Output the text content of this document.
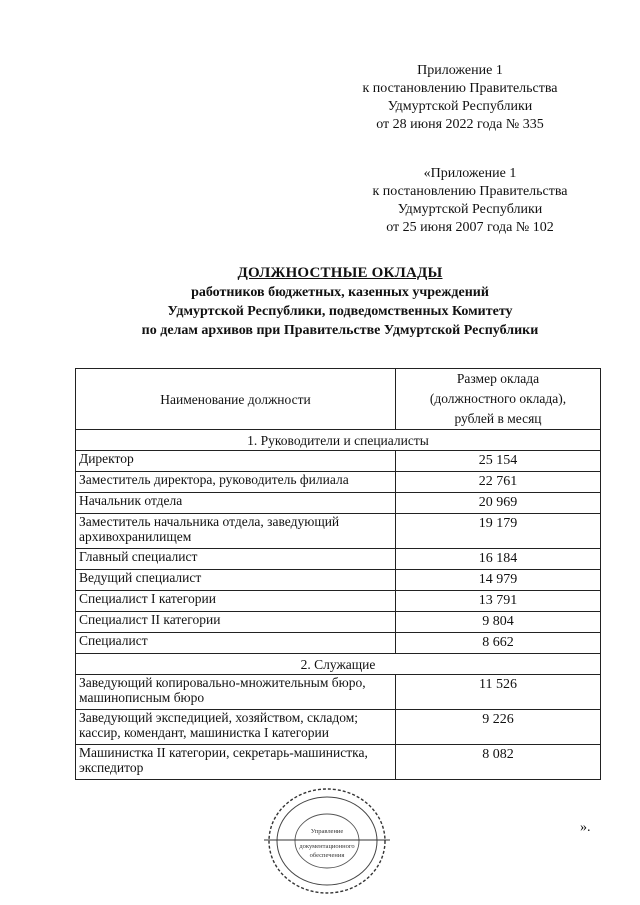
Приложение 1
к постановлению Правительства
Удмуртской Республики
от 28 июня 2022 года № 335
«Приложение 1
к постановлению Правительства
Удмуртской Республики
от 25 июня 2007 года № 102
ДОЛЖНОСТНЫЕ ОКЛАДЫ
работников бюджетных, казенных учреждений
Удмуртской Республики, подведомственных Комитету
по делам архивов при Правительстве Удмуртской Республики
Наименование должности	Размер оклада
(должностного оклада),
рублей в месяц

1. Руководители и специалисты	
Директор	25 154
Заместитель директора, руководитель филиала	22 761
Начальник отдела	20 969
Заместитель начальника отдела, заведующий архивохранилищем	19 179
Главный специалист	16 184
Ведущий специалист	14 979
Специалист I категории	13 791
Специалист II категории	9 804
Специалист	8 662
2. Служащие	
Заведующий копировально-множительным бюро, машинописным бюро	11 526
Заведующий экспедицией, хозяйством, складом; кассир, комендант, машинистка I категории	9 226
Машинистка II категории, секретарь-машинистка, экспедитор	8 082
».
Управление
документационного
обеспечения
